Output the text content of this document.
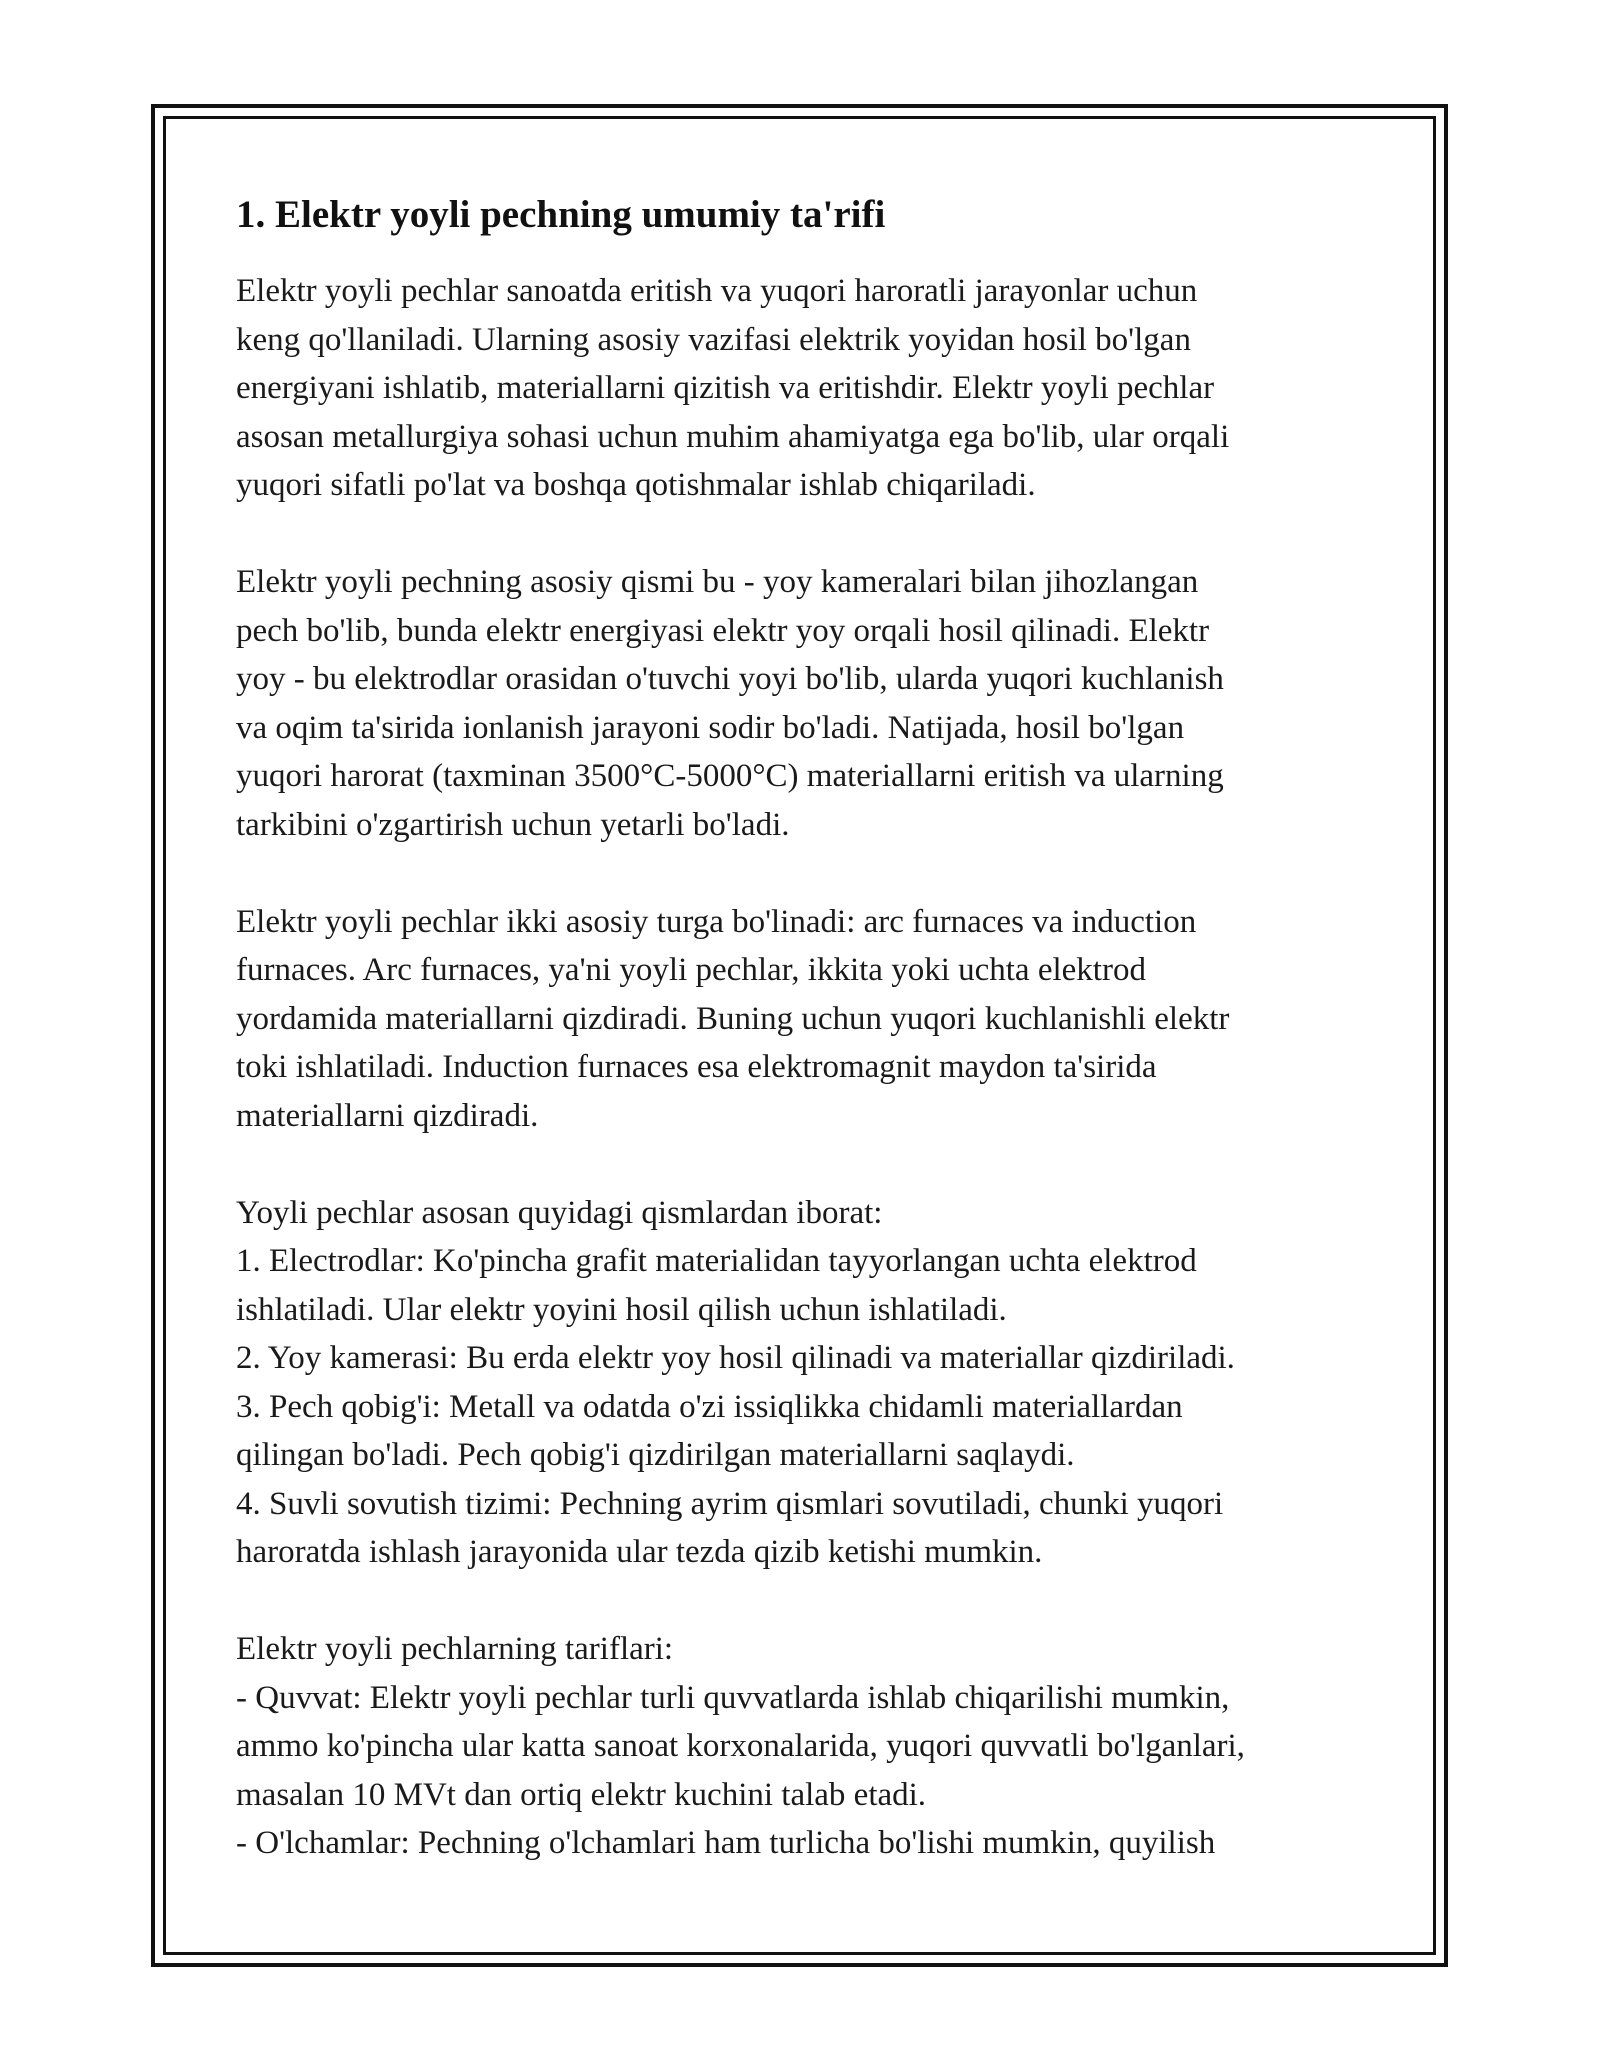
1. Elektr yoyli pechning umumiy ta'rifi

Elektr yoyli pechlar sanoatda eritish va yuqori haroratli jarayonlar uchun
keng qo'llaniladi. Ularning asosiy vazifasi elektrik yoyidan hosil bo'lgan
energiyani ishlatib, materiallarni qizitish va eritishdir. Elektr yoyli pechlar
asosan metallurgiya sohasi uchun muhim ahamiyatga ega bo'lib, ular orqali
yuqori sifatli po'lat va boshqa qotishmalar ishlab chiqariladi.

Elektr yoyli pechning asosiy qismi bu - yoy kameralari bilan jihozlangan
pech bo'lib, bunda elektr energiyasi elektr yoy orqali hosil qilinadi. Elektr
yoy - bu elektrodlar orasidan o'tuvchi yoyi bo'lib, ularda yuqori kuchlanish
va oqim ta'sirida ionlanish jarayoni sodir bo'ladi. Natijada, hosil bo'lgan
yuqori harorat (taxminan 3500°C-5000°C) materiallarni eritish va ularning
tarkibini o'zgartirish uchun yetarli bo'ladi.

Elektr yoyli pechlar ikki asosiy turga bo'linadi: arc furnaces va induction
furnaces. Arc furnaces, ya'ni yoyli pechlar, ikkita yoki uchta elektrod
yordamida materiallarni qizdiradi. Buning uchun yuqori kuchlanishli elektr
toki ishlatiladi. Induction furnaces esa elektromagnit maydon ta'sirida
materiallarni qizdiradi.

Yoyli pechlar asosan quyidagi qismlardan iborat:
1. Electrodlar: Ko'pincha grafit materialidan tayyorlangan uchta elektrod
ishlatiladi. Ular elektr yoyini hosil qilish uchun ishlatiladi.
2. Yoy kamerasi: Bu erda elektr yoy hosil qilinadi va materiallar qizdiriladi.
3. Pech qobig'i: Metall va odatda o'zi issiqlikka chidamli materiallardan
qilingan bo'ladi. Pech qobig'i qizdirilgan materiallarni saqlaydi.
4. Suvli sovutish tizimi: Pechning ayrim qismlari sovutiladi, chunki yuqori
haroratda ishlash jarayonida ular tezda qizib ketishi mumkin.

Elektr yoyli pechlarning tariflari:
- Quvvat: Elektr yoyli pechlar turli quvvatlarda ishlab chiqarilishi mumkin,
ammo ko'pincha ular katta sanoat korxonalarida, yuqori quvvatli bo'lganlari,
masalan 10 MVt dan ortiq elektr kuchini talab etadi.
- O'lchamlar: Pechning o'lchamlari ham turlicha bo'lishi mumkin, quyilish
